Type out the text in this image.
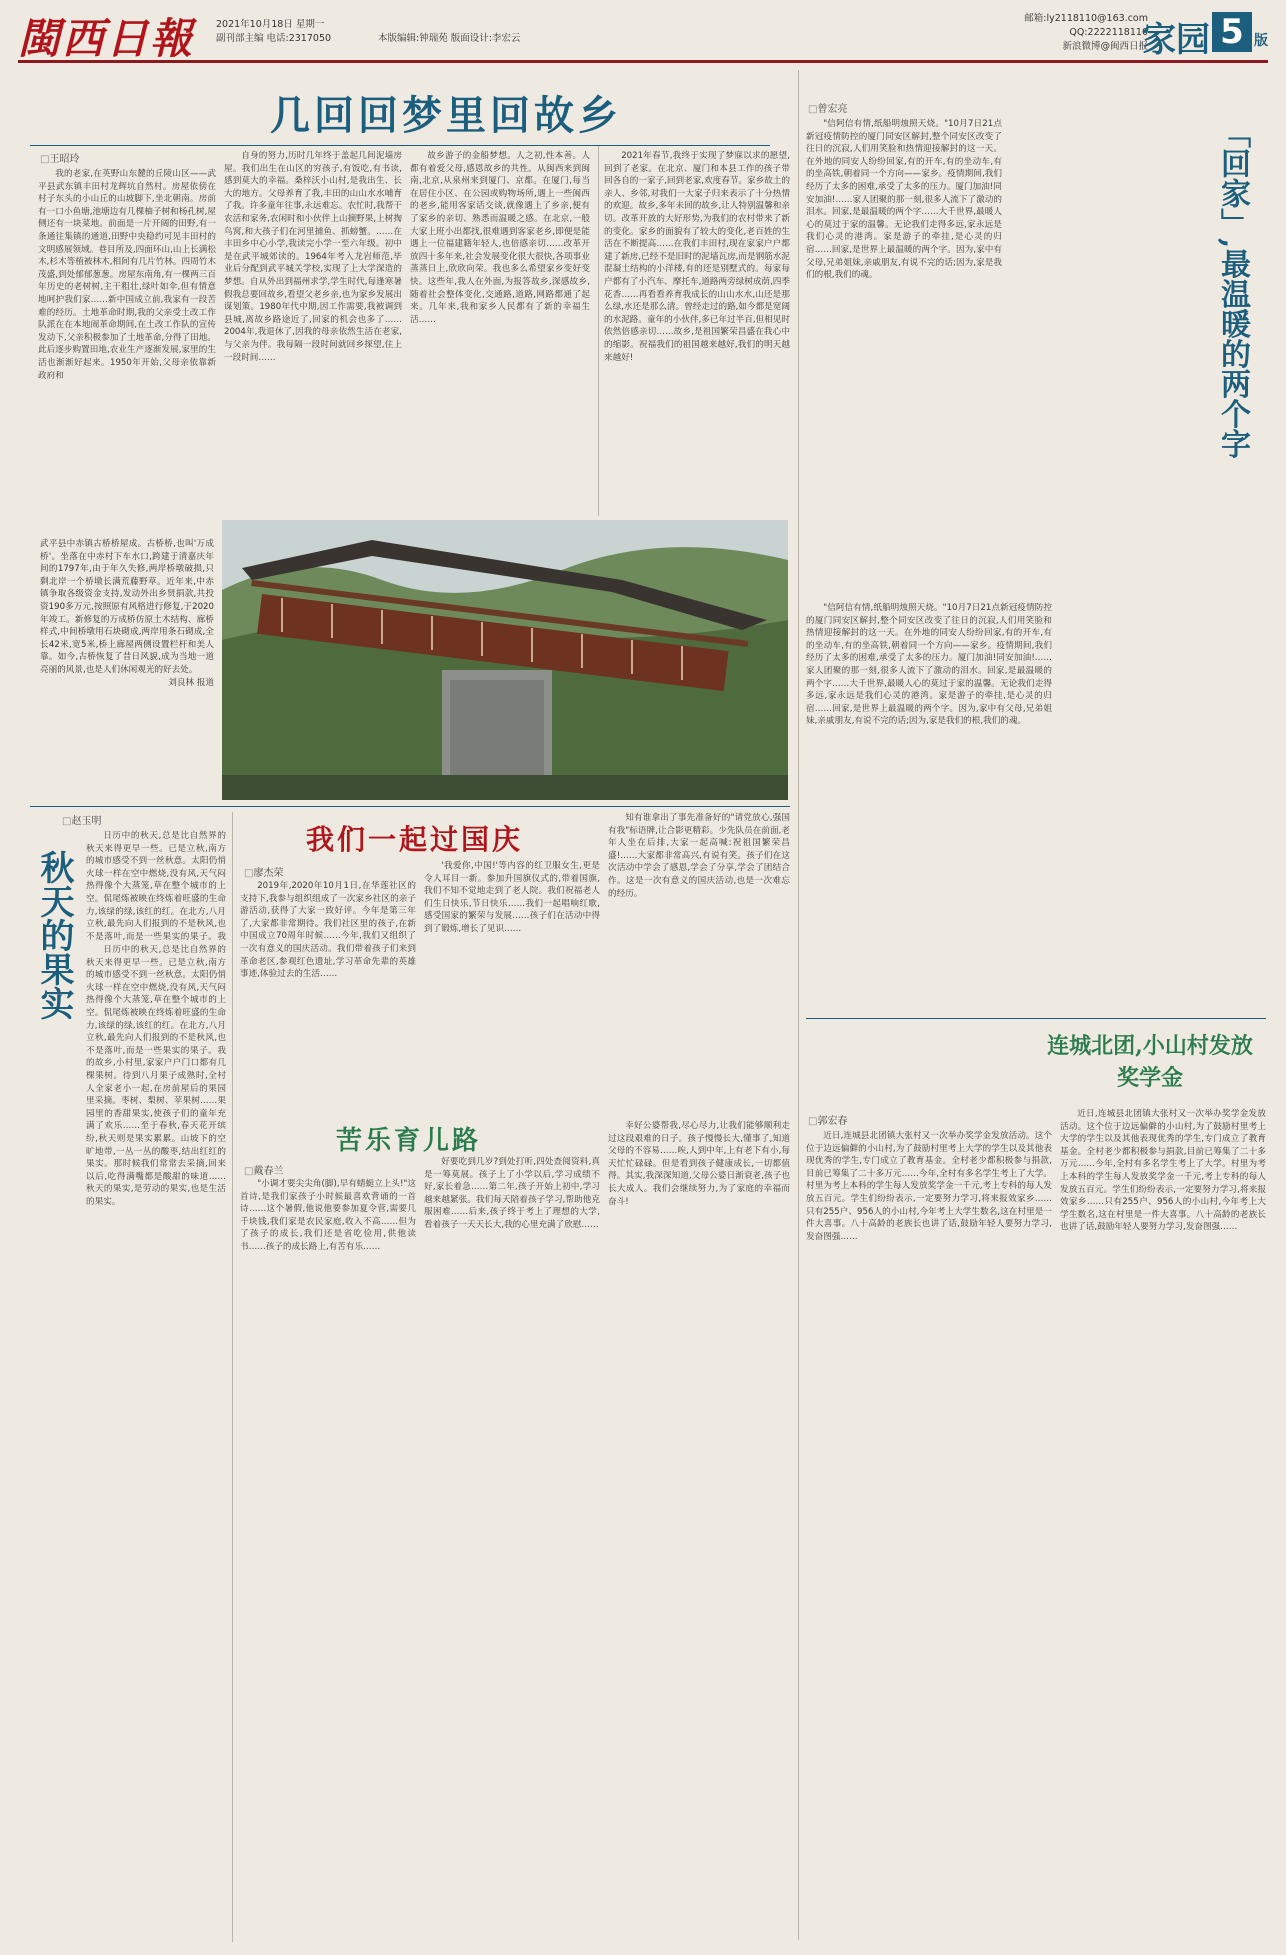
閩西日報 2021年10月18日 星期一
副刊部主编 电话:2317050	本版编辑:钟瑞苑 版面设计:李宏云
邮箱:ly2118110@163.com
QQ:2222118110
新浪微博@闽西日报
家园 5 版
几回回梦里回故乡
□ 王昭玲

我的老家,在英野山东麓的丘陵山区——武平县武东镇丰田村龙辉坑自然村。房屋依傍在村子东头的小山丘的山坡脚下,坐北朝南。房前有一口小鱼塘,池塘边有几棵柚子树和杨孔树,屋侧还有一块菜地。前面是一片开阔的田野,有一条通往集镇的通道,田野中央稳约可见丰田村的文明感展领域。巷目所及,四面环山,山上长满松木,杉木等植被林木,相间有几片竹林。四周竹木茂盛,到处郁郁葱葱。房屋东南角,有一棵两三百年历史的老树树,主干粗壮,绿叶如伞,但有情意地呵护我们家……新中国成立前,我家有一段苦难的经历。土地革命时期,我的父亲受土改工作队派在在本地闹革命期间,在土改工作队的宣传发动下,父亲积极参加了土地革命,分得了田地。此后逐步购置田地,农业生产逐渐发展,家里的生活也渐渐好起来。1950年开始,父母亲依靠新政府和

自身的努力,历时几年终于盖起几间泥墙房屋。我们出生在山区的穷孩子,有饭吃,有书读,感到莫大的幸福。桑梓沃小山村,是我出生、长大的地方。父母养育了我,丰田的山山水水哺育了我。许多童年往事,永远难忘。农忙时,我帮干农活和家务,农闲时和小伙伴上山摘野果,上树掏鸟窝,和大孩子们在河里捕鱼、抓螃蟹。……在丰田乡中心小学,我读完小学一至六年级。初中是在武平城郊读的。1964年考入龙岩师范,毕业后分配到武平城关学校,实现了上大学深造的梦想。自从外出到福州求学,学生时代,每逢寒暑假我总要回故乡,看望父老乡亲,也为家乡发展出谋划策。1980年代中期,因工作需要,我被调到县城,离故乡路途近了,回家的机会也多了……2004年,我退休了,因我的母亲依然生活在老家,与父亲为伴。我每隔一段时间就回乡探望,住上一段时间……

故乡游子的金船梦想。人之初,性本善。人都有着爱父母,感恩故乡的共性。从闽西来到闽南,北京,从泉州来到厦门、京都。在厦门,每当在居住小区、在公园或购物场所,遇上一些闽西的老乡,能用客家话交谈,就像遇上了乡亲,便有了家乡的亲切、熟悉而温暖之感。在北京,一般大家上班小出都找,很难遇到客家老乡,即便是能遇上一位福建籍年轻人,也倍感亲切……改革开放四十多年来,社会发展变化很大很快,各项事业蒸蒸日上,欣欣向荣。我也多么希望家乡变好变快。这些年,我人在外面,为报答故乡,深感故乡,随着社会整体变化,交通路,道路,网路都通了起来。几年来,我和家乡人民都有了新的幸福生活……

2021年春节,我终于实现了梦寐以求的愿望,回到了老家。在北京、厦门和本县工作的孩子带回各自的一家子,回到老家,欢度春节。家乡故土的亲人、乡邻,对我们一大家子归来表示了十分热情的欢迎。故乡,多年未回的故乡,让人特别温馨和亲切。改革开放的大好形势,为我们的农村带来了新的变化。家乡的面貌有了较大的变化,老百姓的生活在不断提高……在我们丰田村,现在家家户户都建了新房,已经不是旧时的泥墙瓦房,而是钢筋水泥混凝土结构的小洋楼,有的还是别墅式的。每家每户都有了小汽车、摩托车,道路两旁绿树成荫,四季花香……再看看养育我成长的山山水水,山还是那么绿,水还是那么清。曾经走过的路,如今都是宽阔的水泥路。童年的小伙伴,多已年过半百,但相见时依然倍感亲切……故乡,是祖国繁荣昌盛在我心中的缩影。祝福我们的祖国越来越好,我们的明天越来越好!

武平县中赤镇古桥桥屋成。古桥桥,也叫'万成桥'。坐落在中赤村下车水口,跨建于清嘉庆年间的1797年,由于年久失修,两岸桥墩破损,只剩北岸一个桥墩长满荒藤野草。近年来,中赤镇争取各级资金支持,发动外出乡贤捐款,共投资190多万元,按照原有风格进行修复,于2020年竣工。新修复的万成桥仿原土木结构、廊桥样式,中间桥墩用石块砌成,两岸用条石砌成,全长42米,宽5米,桥上廊屋两侧设置栏杆和美人靠。如今,古桥恢复了昔日风貌,成为当地一道亮丽的风景,也是人们休闲观光的好去处。
刘良林 报道
□ 赵玉明
秋天的果实

日历中的秋天,总是比自然界的秋天来得更早一些。已是立秋,南方的城市感受不到一丝秋意。太阳仍悄火球一样在空中燃烧,没有风,天气闷热得像个大蒸笼,草在整个城市的上空。侃尾炼被映在终炼着旺盛的生命力,该绿的绿,该红的红。在北方,八月立秋,最先向人们报到的不是秋风,也不是落叶,而是一些果实的果子。我

日历中的秋天,总是比自然界的秋天来得更早一些。已是立秋,南方的城市感受不到一丝秋意。太阳仍悄火球一样在空中燃烧,没有风,天气闷热得像个大蒸笼,草在整个城市的上空。侃尾炼被映在终炼着旺盛的生命力,该绿的绿,该红的红。在北方,八月立秋,最先向人们报到的不是秋风,也不是落叶,而是一些果实的果子。我的故乡,小村里,家家户户门口都有几棵果树。待到八月果子成熟时,全村人全家老小一起,在房前屋后的果园里采摘。枣树、梨树、苹果树……果园里的香甜果实,使孩子们的童年充满了欢乐……至于春秋,春天花开缤纷,秋天则是果实累累。山坡下的空旷地带,一丛一丛的酸枣,结出红红的果实。那时候我们常常去采摘,回来以后,吃得满嘴都是酸甜的味道……秋天的果实,是劳动的果实,也是生活的果实。

我们一起过国庆
□ 廖杰荣

2019年,2020年10月1日,在华莲社区的支持下,我参与组织组成了一次家乡社区的亲子游活动,获得了大家一致好评。今年是第三年了,大家都非常期待。我们社区里的孩子,在新中国成立70周年时候……今年,我们又组织了一次有意义的国庆活动。我们带着孩子们来到革命老区,参观红色遗址,学习革命先辈的英雄事迹,体验过去的生活……

'我爱你,中国!'等内容的红卫服女生,更是令人耳目一新。参加升国旗仪式的,带着国旗,我们不知不觉地走到了老人院。我们祝福老人们生日快乐,节日快乐……我们一起唱响红歌,感受国家的繁荣与发展……孩子们在活动中得到了锻炼,增长了见识……

知有谁拿出了事先准备好的"请党放心,强国有我"标语牌,让合影更精彩。少先队员在前面,老年人坐在后排,大家一起高喊:祝祖国繁荣昌盛!……大家都非常高兴,有说有笑。孩子们在这次活动中学会了感恩,学会了分享,学会了团结合作。这是一次有意义的国庆活动,也是一次难忘的经历。

苦乐育儿路
□ 戴春兰

"小调才要尖尖角(脚),早有蜻蜓立上头!"这首诗,是我们家孩子小时候最喜欢背诵的一首诗……这个暑假,他说他要参加夏令营,需要几千块钱,我们家是农民家庭,收入不高……但为了孩子的成长,我们还是省吃俭用,供他读书……孩子的成长路上,有苦有乐……

好要吃到几岁?到处打听,四处查阅资料,真是一筹莫展。孩子上了小学以后,学习成绩不好,家长着急……第二年,孩子开始上初中,学习越来越紧张。我们每天陪着孩子学习,帮助他克服困难……后来,孩子终于考上了理想的大学,看着孩子一天天长大,我的心里充满了欣慰……

幸好公婆帮我,尽心尽力,让我们能够顺利走过这段艰难的日子。孩子慢慢长大,懂事了,知道父母的不容易……唉,人到中年,上有老下有小,每天忙忙碌碌。但是看到孩子健康成长,一切都值得。其实,我深深知道,父母公婆日渐衰老,孩子也长大成人。我们会继续努力,为了家庭的幸福而奋斗!

□ 曾宏亮
「回家」,最温暖的两个字

"信阿信有情,纸船明烛照天烧。"10月7日21点新冠疫情防控的厦门同安区解封,整个同安区改变了往日的沉寂,人们用笑脸和热情迎接解封的这一天。在外地的同安人纷纷回家,有的开车,有的坐动车,有的坐高铁,朝着同一个方向——家乡。疫情期间,我们经历了太多的困难,承受了太多的压力。厦门加油!同安加油!……家人团聚的那一刻,很多人流下了激动的泪水。回家,是最温暖的两个字……大千世界,最暖人心的莫过于家的温馨。无论我们走得多远,家永远是我们心灵的港湾。家是游子的牵挂,是心灵的归宿……回家,是世界上最温暖的两个字。因为,家中有父母,兄弟姐妹,亲戚朋友,有说不完的话;因为,家是我们的根,我们的魂。

"信阿信有情,纸船明烛照天烧。"10月7日21点新冠疫情防控的厦门同安区解封,整个同安区改变了往日的沉寂,人们用笑脸和热情迎接解封的这一天。在外地的同安人纷纷回家,有的开车,有的坐动车,有的坐高铁,朝着同一个方向——家乡。疫情期间,我们经历了太多的困难,承受了太多的压力。厦门加油!同安加油!……家人团聚的那一刻,很多人流下了激动的泪水。回家,是最温暖的两个字……大千世界,最暖人心的莫过于家的温馨。无论我们走得多远,家永远是我们心灵的港湾。家是游子的牵挂,是心灵的归宿……回家,是世界上最温暖的两个字。因为,家中有父母,兄弟姐妹,亲戚朋友,有说不完的话;因为,家是我们的根,我们的魂。

连城北团,小山村发放奖学金
□ 郭宏春

近日,连城县北团镇大张村又一次举办奖学金发放活动。这个位于边远偏僻的小山村,为了鼓励村里考上大学的学生以及其他表现优秀的学生,专门成立了教育基金。全村老少都积极参与捐款,目前已筹集了二十多万元……今年,全村有多名学生考上了大学。村里为考上本科的学生每人发放奖学金一千元,考上专科的每人发放五百元。学生们纷纷表示,一定要努力学习,将来报效家乡……只有255户、956人的小山村,今年考上大学生数名,这在村里是一件大喜事。八十高龄的老族长也讲了话,鼓励年轻人要努力学习,发奋图强……

近日,连城县北团镇大张村又一次举办奖学金发放活动。这个位于边远偏僻的小山村,为了鼓励村里考上大学的学生以及其他表现优秀的学生,专门成立了教育基金。全村老少都积极参与捐款,目前已筹集了二十多万元……今年,全村有多名学生考上了大学。村里为考上本科的学生每人发放奖学金一千元,考上专科的每人发放五百元。学生们纷纷表示,一定要努力学习,将来报效家乡……只有255户、956人的小山村,今年考上大学生数名,这在村里是一件大喜事。八十高龄的老族长也讲了话,鼓励年轻人要努力学习,发奋图强……
